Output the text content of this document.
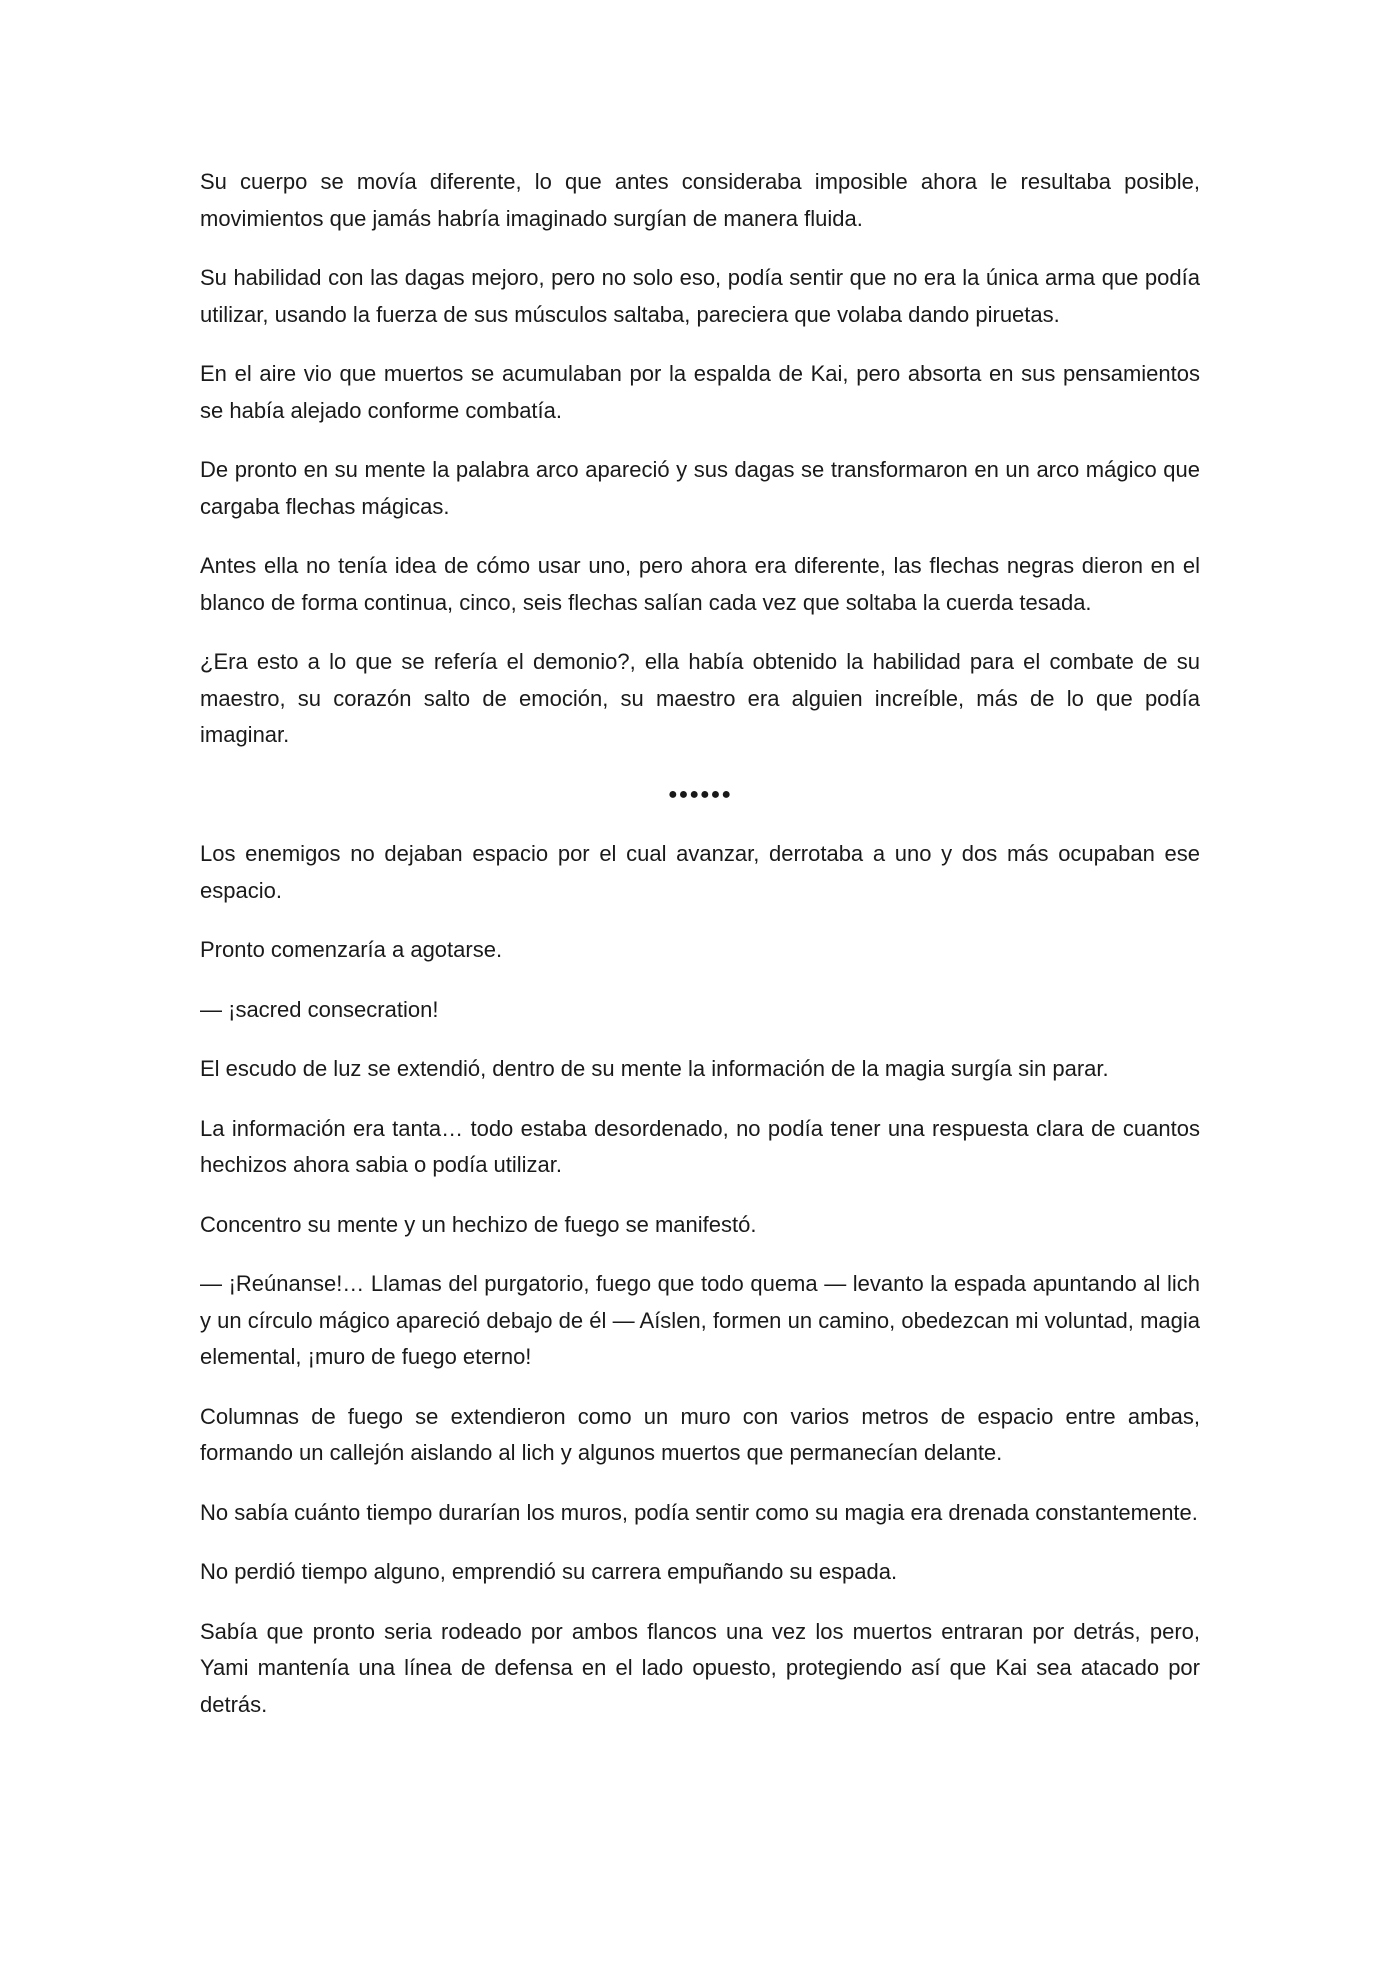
Su cuerpo se movía diferente, lo que antes consideraba imposible ahora le resultaba posible, movimientos que jamás habría imaginado surgían de manera fluida.

Su habilidad con las dagas mejoro, pero no solo eso, podía sentir que no era la única arma que podía utilizar, usando la fuerza de sus músculos saltaba, pareciera que volaba dando piruetas.

En el aire vio que muertos se acumulaban por la espalda de Kai, pero absorta en sus pensamientos se había alejado conforme combatía.

De pronto en su mente la palabra arco apareció y sus dagas se transformaron en un arco mágico que cargaba flechas mágicas.

Antes ella no tenía idea de cómo usar uno, pero ahora era diferente, las flechas negras dieron en el blanco de forma continua, cinco, seis flechas salían cada vez que soltaba la cuerda tesada.

¿Era esto a lo que se refería el demonio?, ella había obtenido la habilidad para el combate de su maestro, su corazón salto de emoción, su maestro era alguien increíble, más de lo que podía imaginar.

●●●●●●

Los enemigos no dejaban espacio por el cual avanzar, derrotaba a uno y dos más ocupaban ese espacio.

Pronto comenzaría a agotarse.

— ¡sacred consecration!

El escudo de luz se extendió, dentro de su mente la información de la magia surgía sin parar.

La información era tanta… todo estaba desordenado, no podía tener una respuesta clara de cuantos hechizos ahora sabia o podía utilizar.

Concentro su mente y un hechizo de fuego se manifestó.

— ¡Reúnanse!… Llamas del purgatorio, fuego que todo quema — levanto la espada apuntando al lich y un círculo mágico apareció debajo de él — Aíslen, formen un camino, obedezcan mi voluntad, magia elemental, ¡muro de fuego eterno!

Columnas de fuego se extendieron como un muro con varios metros de espacio entre ambas, formando un callejón aislando al lich y algunos muertos que permanecían delante.

No sabía cuánto tiempo durarían los muros, podía sentir como su magia era drenada constantemente.

No perdió tiempo alguno, emprendió su carrera empuñando su espada.

Sabía que pronto seria rodeado por ambos flancos una vez los muertos entraran por detrás, pero, Yami mantenía una línea de defensa en el lado opuesto, protegiendo así que Kai sea atacado por detrás.
